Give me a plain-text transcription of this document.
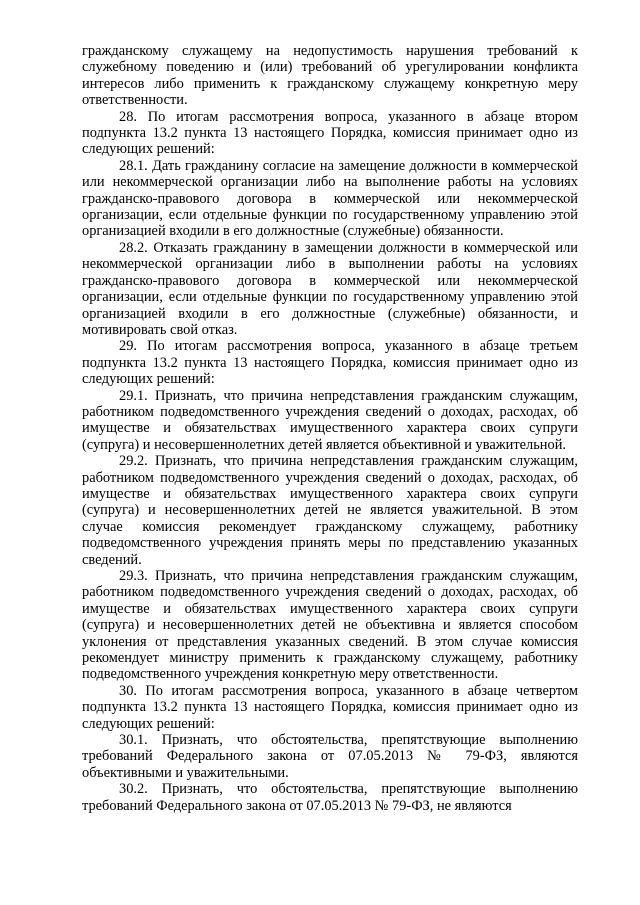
гражданскому служащему на недопустимость нарушения требований к служебному поведению и (или) требований об урегулировании конфликта интересов либо применить к гражданскому служащему конкретную меру ответственности.

28. По итогам рассмотрения вопроса, указанного в абзаце втором подпункта 13.2 пункта 13 настоящего Порядка, комиссия принимает одно из следующих решений:

28.1. Дать гражданину согласие на замещение должности в коммерческой или некоммерческой организации либо на выполнение работы на условиях гражданско-правового договора в коммерческой или некоммерческой организации, если отдельные функции по государственному управлению этой организацией входили в его должностные (служебные) обязанности.

28.2. Отказать гражданину в замещении должности в коммерческой или некоммерческой организации либо в выполнении работы на условиях гражданско-правового договора в коммерческой или некоммерческой организации, если отдельные функции по государственному управлению этой организацией входили в его должностные (служебные) обязанности, и мотивировать свой отказ.

29. По итогам рассмотрения вопроса, указанного в абзаце третьем подпункта 13.2 пункта 13 настоящего Порядка, комиссия принимает одно из следующих решений:

29.1. Признать, что причина непредставления гражданским служащим, работником подведомственного учреждения сведений о доходах, расходах, об имуществе и обязательствах имущественного характера своих супруги (супруга) и несовершеннолетних детей является объективной и уважительной.

29.2. Признать, что причина непредставления гражданским служащим, работником подведомственного учреждения сведений о доходах, расходах, об имуществе и обязательствах имущественного характера своих супруги (супруга) и несовершеннолетних детей не является уважительной. В этом случае комиссия рекомендует гражданскому служащему, работнику подведомственного учреждения принять меры по представлению указанных сведений.

29.3. Признать, что причина непредставления гражданским служащим, работником подведомственного учреждения сведений о доходах, расходах, об имуществе и обязательствах имущественного характера своих супруги (супруга) и несовершеннолетних детей не объективна и является способом уклонения от представления указанных сведений. В этом случае комиссия рекомендует министру применить к гражданскому служащему, работнику подведомственного учреждения конкретную меру ответственности.

30. По итогам рассмотрения вопроса, указанного в абзаце четвертом подпункта 13.2 пункта 13 настоящего Порядка, комиссия принимает одно из следующих решений:

30.1. Признать, что обстоятельства, препятствующие выполнению требований Федерального закона от 07.05.2013 № 79-ФЗ, являются объективными и уважительными.

30.2. Признать, что обстоятельства, препятствующие выполнению требований Федерального закона от 07.05.2013 № 79-ФЗ, не являются
